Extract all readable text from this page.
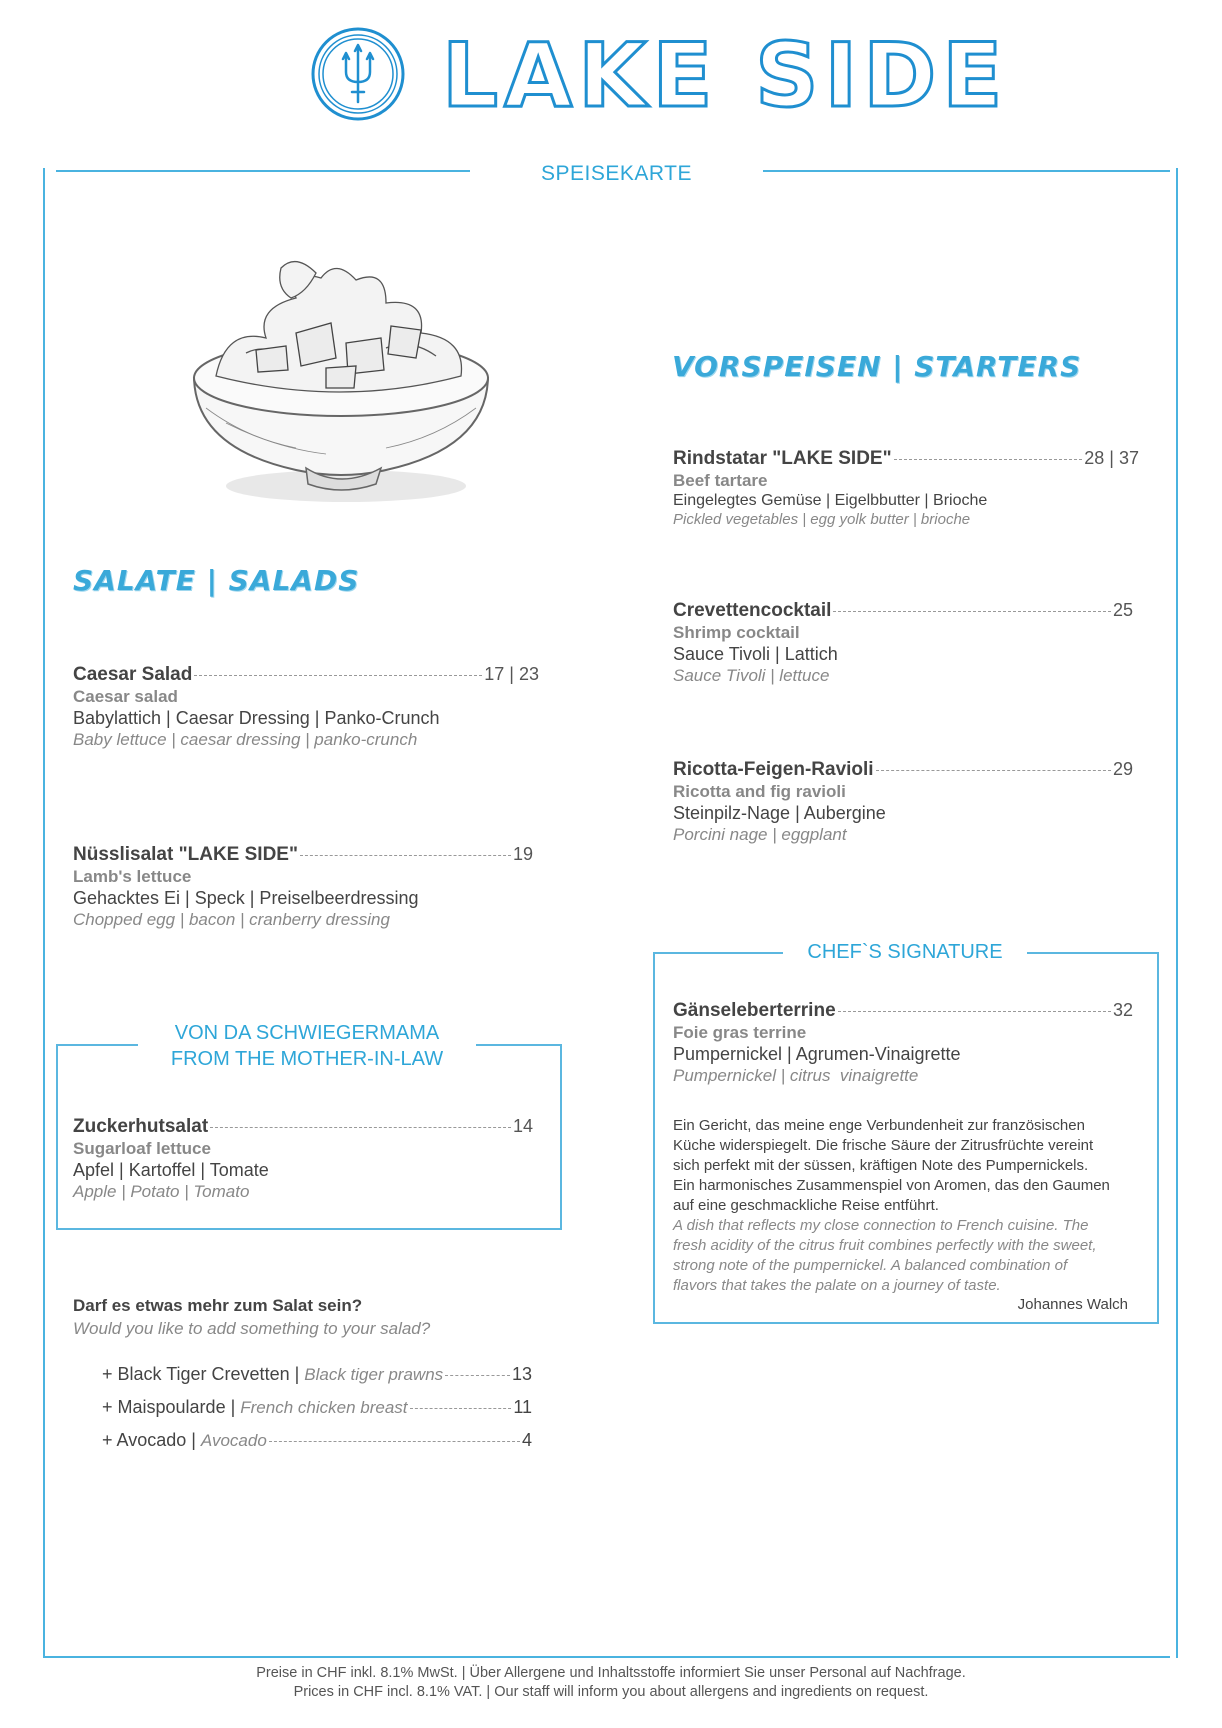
LAKE SIDE
SPEISEKARTE
SALATE | SALADS
Caesar Salad	17 | 23
Caesar salad
Babylattich | Caesar Dressing | Panko-Crunch
Baby lettuce | caesar dressing | panko-crunch
Nüsslisalat "LAKE SIDE"	19
Lamb's lettuce
Gehacktes Ei | Speck | Preiselbeerdressing
Chopped egg | bacon | cranberry dressing
VON DA SCHWIEGERMAMA
FROM THE MOTHER-IN-LAW
Zuckerhutsalat	14
Sugarloaf lettuce
Apfel | Kartoffel | Tomate
Apple | Potato | Tomato
Darf es etwas mehr zum Salat sein?
Would you like to add something to your salad?
+ Black Tiger Crevetten | Black tiger prawns	13
+ Maispoularde | French chicken breast	11
+ Avocado | Avocado	4
VORSPEISEN | STARTERS
Rindstatar "LAKE SIDE"	28 | 37
Beef tartare
Eingelegtes Gemüse | Eigelbbutter | Brioche
Pickled vegetables | egg yolk butter | brioche
Crevettencocktail	25
Shrimp cocktail
Sauce Tivoli | Lattich
Sauce Tivoli | lettuce
Ricotta-Feigen-Ravioli	29
Ricotta and fig ravioli
Steinpilz-Nage | Aubergine
Porcini nage | eggplant
CHEF`S SIGNATURE
Gänseleberterrine	32
Foie gras terrine
Pumpernickel | Agrumen-Vinaigrette
Pumpernickel | citrus  vinaigrette
Ein Gericht, das meine enge Verbundenheit zur französischen Küche widerspiegelt. Die frische Säure der Zitrusfrüchte vereint sich perfekt mit der süssen, kräftigen Note des Pumpernickels. Ein harmonisches Zusammenspiel von Aromen, das den Gaumen auf eine geschmackliche Reise entführt.
A dish that reflects my close connection to French cuisine. The fresh acidity of the citrus fruit combines perfectly with the sweet, strong note of the pumpernickel. A balanced combination of flavors that takes the palate on a journey of taste.
Johannes Walch
Preise in CHF inkl. 8.1% MwSt. | Über Allergene und Inhaltsstoffe informiert Sie unser Personal auf Nachfrage.
Prices in CHF incl. 8.1% VAT. | Our staff will inform you about allergens and ingredients on request.
